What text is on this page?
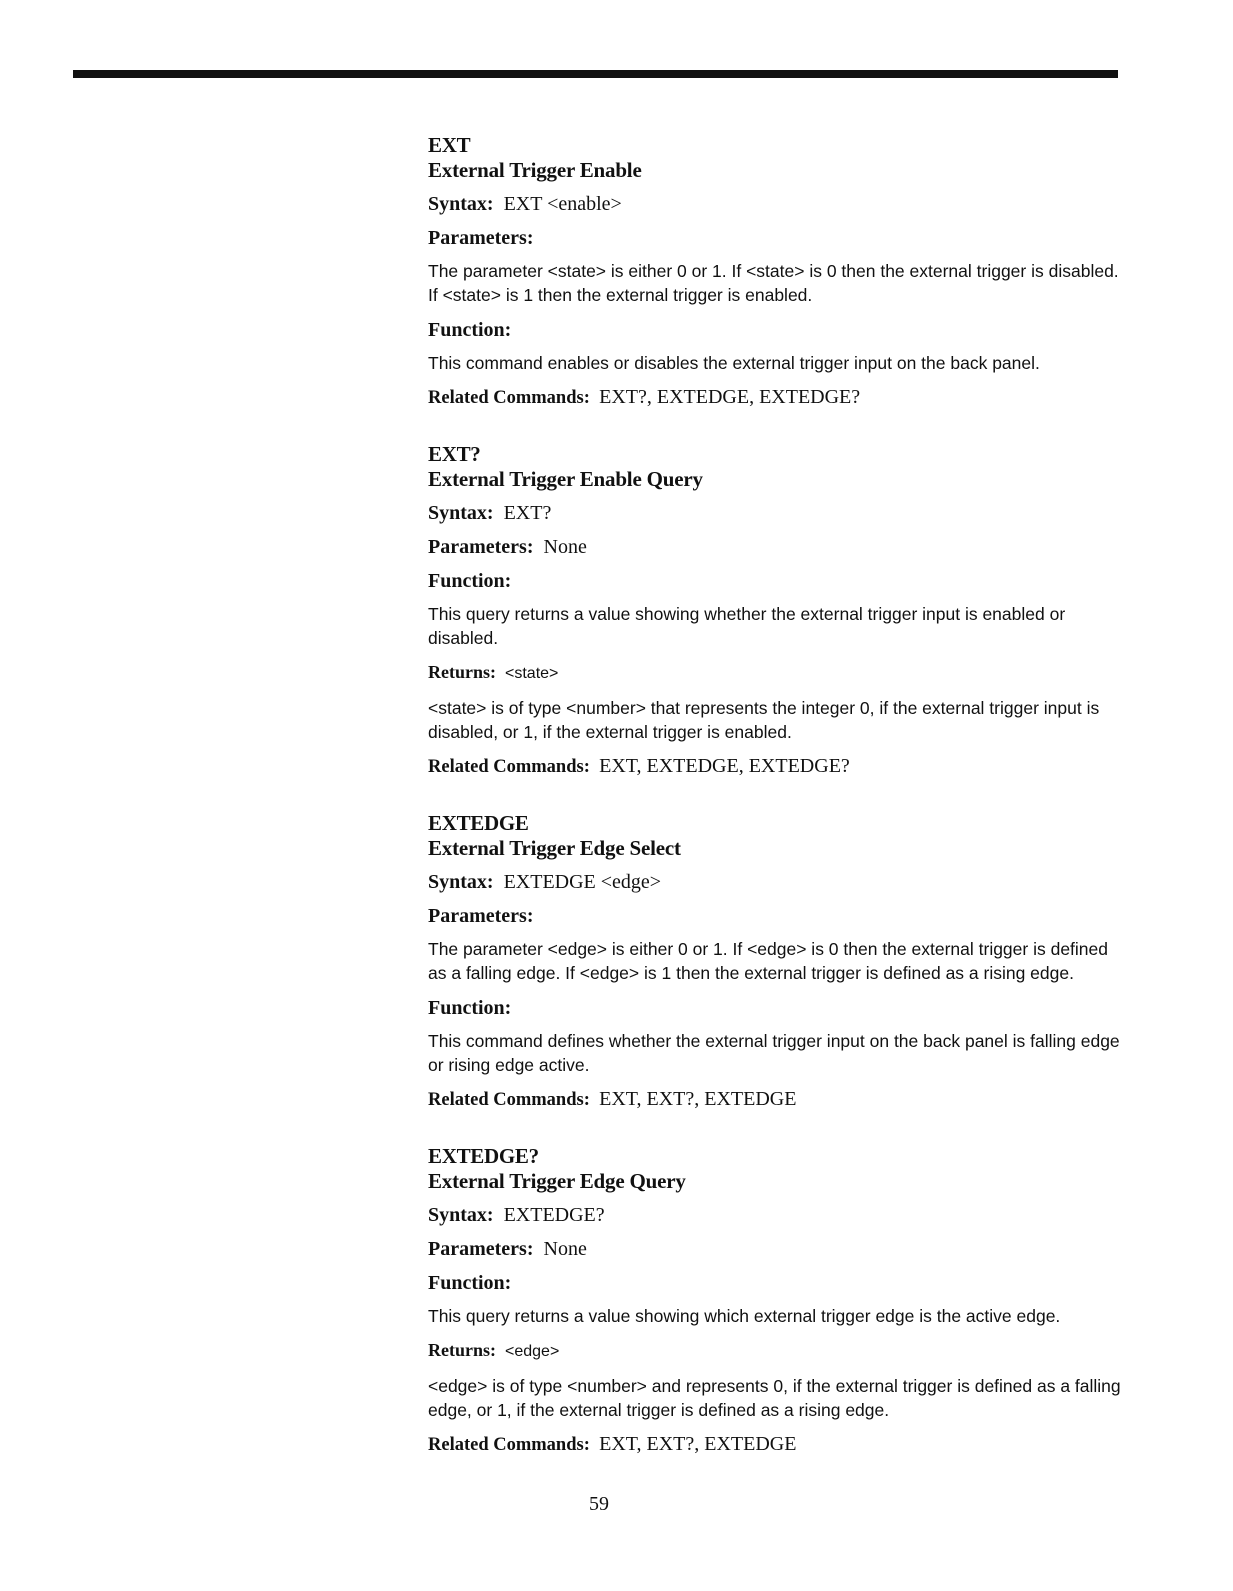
EXT
External Trigger Enable
Syntax: EXT <enable>
Parameters:
The parameter <state> is either 0 or 1. If <state> is 0 then the external trigger is disabled. If <state> is 1 then the external trigger is enabled.
Function:
This command enables or disables the external trigger input on the back panel.
Related Commands: EXT?, EXTEDGE, EXTEDGE?
EXT?
External Trigger Enable Query
Syntax: EXT?
Parameters: None
Function:
This query returns a value showing whether the external trigger input is enabled or disabled.
Returns: <state>
<state> is of type <number> that represents the integer 0, if the external trigger input is disabled, or 1, if the external trigger is enabled.
Related Commands: EXT, EXTEDGE, EXTEDGE?
EXTEDGE
External Trigger Edge Select
Syntax: EXTEDGE <edge>
Parameters:
The parameter <edge> is either 0 or 1. If <edge> is 0 then the external trigger is defined as a falling edge. If <edge> is 1 then the external trigger is defined as a rising edge.
Function:
This command defines whether the external trigger input on the back panel is falling edge or rising edge active.
Related Commands: EXT, EXT?, EXTEDGE
EXTEDGE?
External Trigger Edge Query
Syntax: EXTEDGE?
Parameters: None
Function:
This query returns a value showing which external trigger edge is the active edge.
Returns: <edge>
<edge> is of type <number> and represents 0, if the external trigger is defined as a falling edge, or 1, if the external trigger is defined as a rising edge.
Related Commands: EXT, EXT?, EXTEDGE
59
